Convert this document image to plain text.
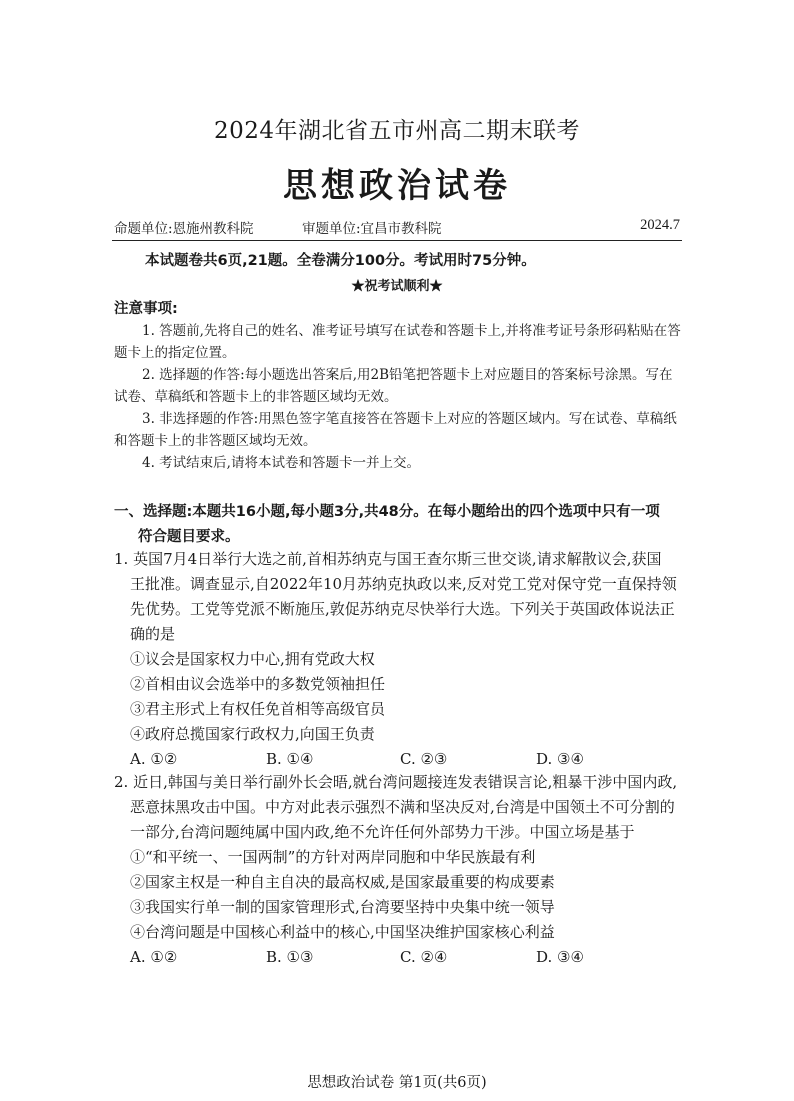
2024年湖北省五市州高二期末联考
思想政治试卷
命题单位:恩施州教科院	审题单位:宜昌市教科院	2024.7
本试题卷共6页,21题。全卷满分100分。考试用时75分钟。
★祝考试顺利★
注意事项:

1. 答题前,先将自己的姓名、准考证号填写在试卷和答题卡上,并将准考证号条形码粘贴在答题卡上的指定位置。

2. 选择题的作答:每小题选出答案后,用2B铅笔把答题卡上对应题目的答案标号涂黑。写在试卷、草稿纸和答题卡上的非答题区域均无效。

3. 非选择题的作答:用黑色签字笔直接答在答题卡上对应的答题区域内。写在试卷、草稿纸和答题卡上的非答题区域均无效。

4. 考试结束后,请将本试卷和答题卡一并上交。

一、选择题:本题共16小题,每小题3分,共48分。在每小题给出的四个选项中只有一项
符合题目要求。
1. 英国7月4日举行大选之前,首相苏纳克与国王查尔斯三世交谈,请求解散议会,获国
王批准。调查显示,自2022年10月苏纳克执政以来,反对党工党对保守党一直保持领
先优势。工党等党派不断施压,敦促苏纳克尽快举行大选。下列关于英国政体说法正
确的是
①议会是国家权力中心,拥有党政大权
②首相由议会选举中的多数党领袖担任
③君主形式上有权任免首相等高级官员
④政府总揽国家行政权力,向国王负责
A. ①②	B. ①④	C. ②③	D. ③④
2. 近日,韩国与美日举行副外长会晤,就台湾问题接连发表错误言论,粗暴干涉中国内政,
恶意抹黑攻击中国。中方对此表示强烈不满和坚决反对,台湾是中国领土不可分割的
一部分,台湾问题纯属中国内政,绝不允许任何外部势力干涉。中国立场是基于
①“和平统一、一国两制”的方针对两岸同胞和中华民族最有利
②国家主权是一种自主自决的最高权威,是国家最重要的构成要素
③我国实行单一制的国家管理形式,台湾要坚持中央集中统一领导
④台湾问题是中国核心利益中的核心,中国坚决维护国家核心利益
A. ①②	B. ①③	C. ②④	D. ③④
思想政治试卷 第1页(共6页)
